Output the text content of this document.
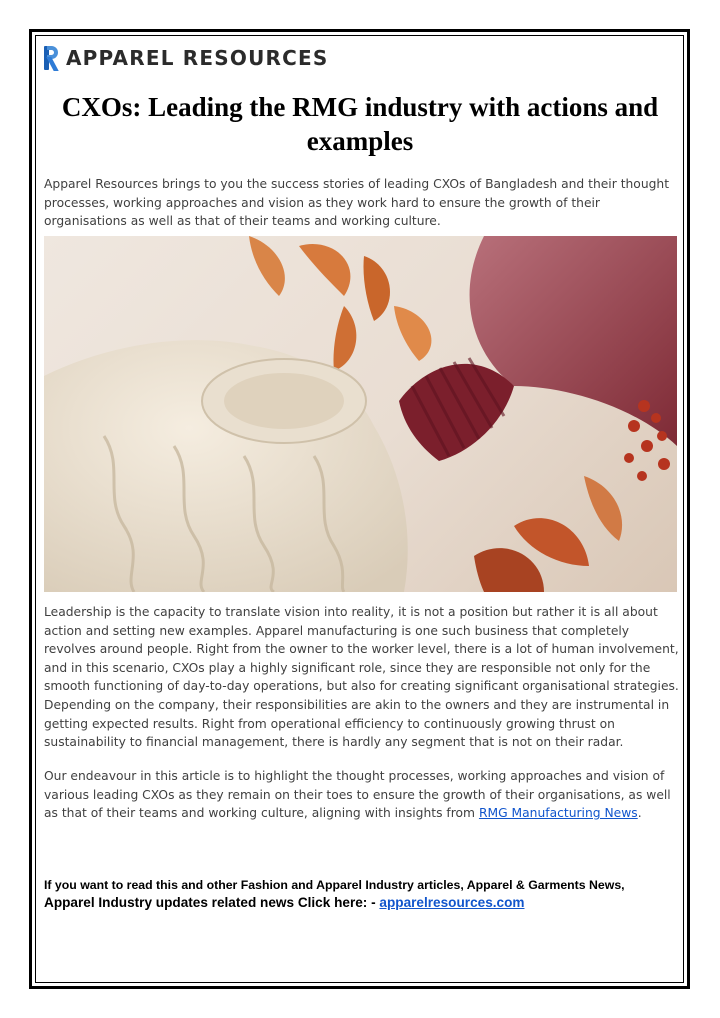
APPAREL RESOURCES
CXOs: Leading the RMG industry with actions and examples

Apparel Resources brings to you the success stories of leading CXOs of Bangladesh and their thought processes, working approaches and vision as they work hard to ensure the growth of their organisations as well as that of their teams and working culture.

Leadership is the capacity to translate vision into reality, it is not a position but rather it is all about action and setting new examples. Apparel manufacturing is one such business that completely revolves around people. Right from the owner to the worker level, there is a lot of human involvement, and in this scenario, CXOs play a highly significant role, since they are responsible not only for the smooth functioning of day-to-day operations, but also for creating significant organisational strategies. Depending on the company, their responsibilities are akin to the owners and they are instrumental in getting expected results. Right from operational efficiency to continuously growing thrust on sustainability to financial management, there is hardly any segment that is not on their radar.

Our endeavour in this article is to highlight the thought processes, working approaches and vision of various leading CXOs as they remain on their toes to ensure the growth of their organisations, as well as that of their teams and working culture, aligning with insights from RMG Manufacturing News.

If you want to read this and other Fashion and Apparel Industry articles, Apparel & Garments News,
Apparel Industry updates related news Click here: - apparelresources.com
